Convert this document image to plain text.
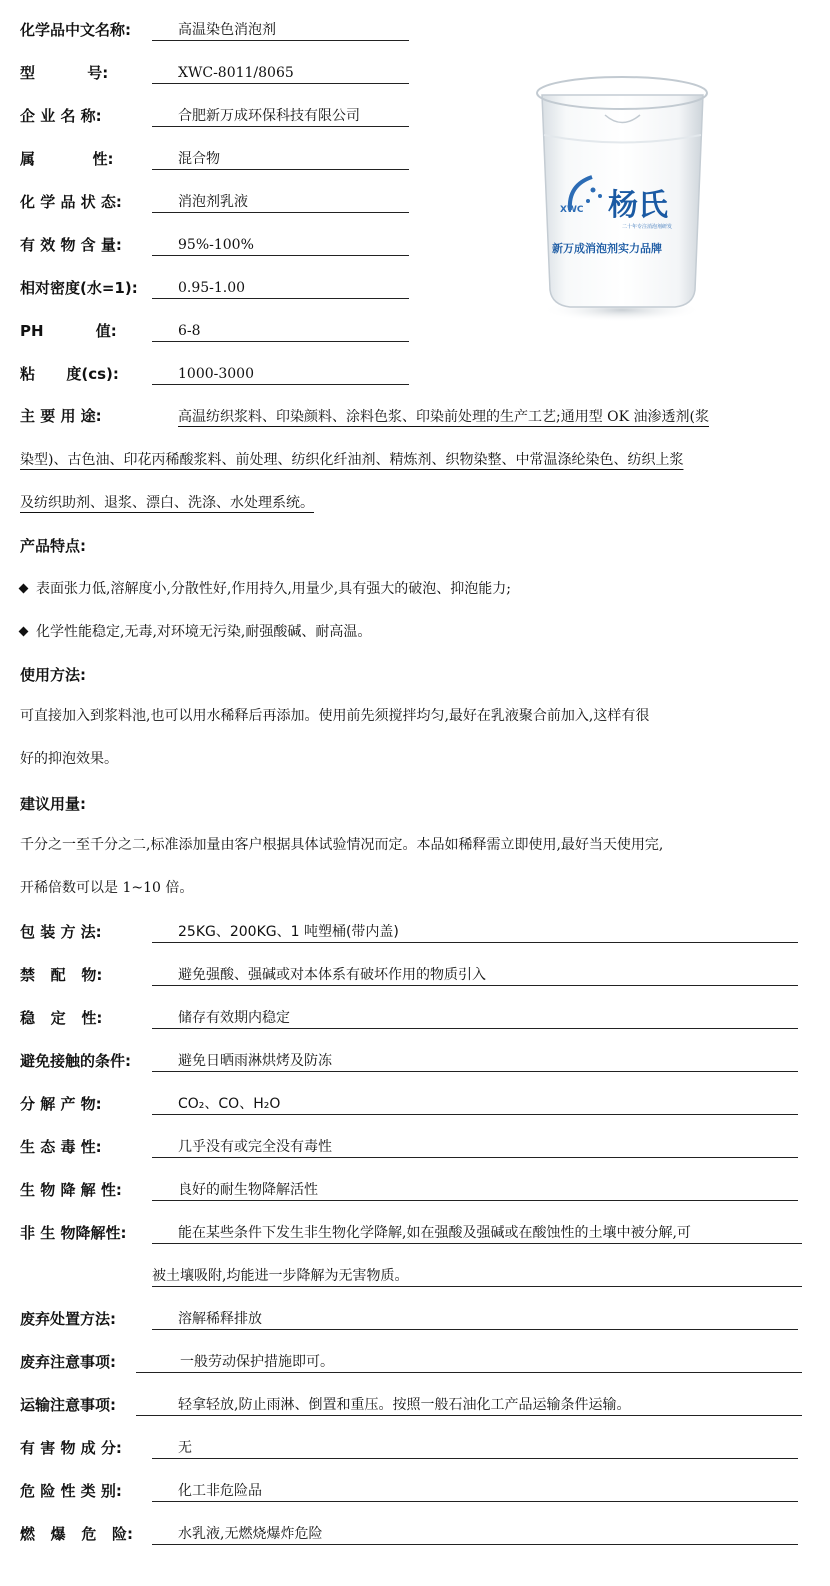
化学品中文名称:	高温染色消泡剂
型          号:	XWC-8011/8065
企 业 名 称:	合肥新万成环保科技有限公司
属           性:	混合物
化 学 品 状 态:	消泡剂乳液
有 效 物 含 量:	95%-100%
相对密度(水=1):	0.95-1.00
PH          值:	6-8
粘      度(cs):	1000-3000
XWC 杨氏
二十年专注消泡剂研发
新万成消泡剂实力品牌
主 要 用 途:	高温纺织浆料、印染颜料、涂料色浆、印染前处理的生产工艺;通用型 OK 油渗透剂(浆
染型)、古色油、印花丙稀酸浆料、前处理、纺织化纤油剂、精炼剂、织物染整、中常温涤纶染色、纺织上浆
及纺织助剂、退浆、漂白、洗涤、水处理系统。
产品特点:
表面张力低,溶解度小,分散性好,作用持久,用量少,具有强大的破泡、抑泡能力;
化学性能稳定,无毒,对环境无污染,耐强酸碱、耐高温。
使用方法:
可直接加入到浆料池,也可以用水稀释后再添加。使用前先须搅拌均匀,最好在乳液聚合前加入,这样有很
好的抑泡效果。
建议用量:
千分之一至千分之二,标准添加量由客户根据具体试验情况而定。本品如稀释需立即使用,最好当天使用完,
开稀倍数可以是 1~10 倍。
包 装 方 法:	25KG、200KG、1 吨塑桶(带内盖)
禁   配   物:	避免强酸、强碱或对本体系有破坏作用的物质引入
稳   定   性:	储存有效期内稳定
避免接触的条件:	避免日晒雨淋烘烤及防冻
分 解 产 物:	CO₂、CO、H₂O
生 态 毒 性:	几乎没有或完全没有毒性
生 物 降 解 性:	良好的耐生物降解活性
非 生 物降解性:	能在某些条件下发生非生物化学降解,如在强酸及强碱或在酸蚀性的土壤中被分解,可
被土壤吸附,均能进一步降解为无害物质。
废弃处置方法:	溶解稀释排放
废弃注意事项:	一般劳动保护措施即可。
运输注意事项:	轻拿轻放,防止雨淋、倒置和重压。按照一般石油化工产品运输条件运输。
有 害 物 成 分:	无
危 险 性 类 别:	化工非危险品
燃   爆   危   险:	水乳液,无燃烧爆炸危险
